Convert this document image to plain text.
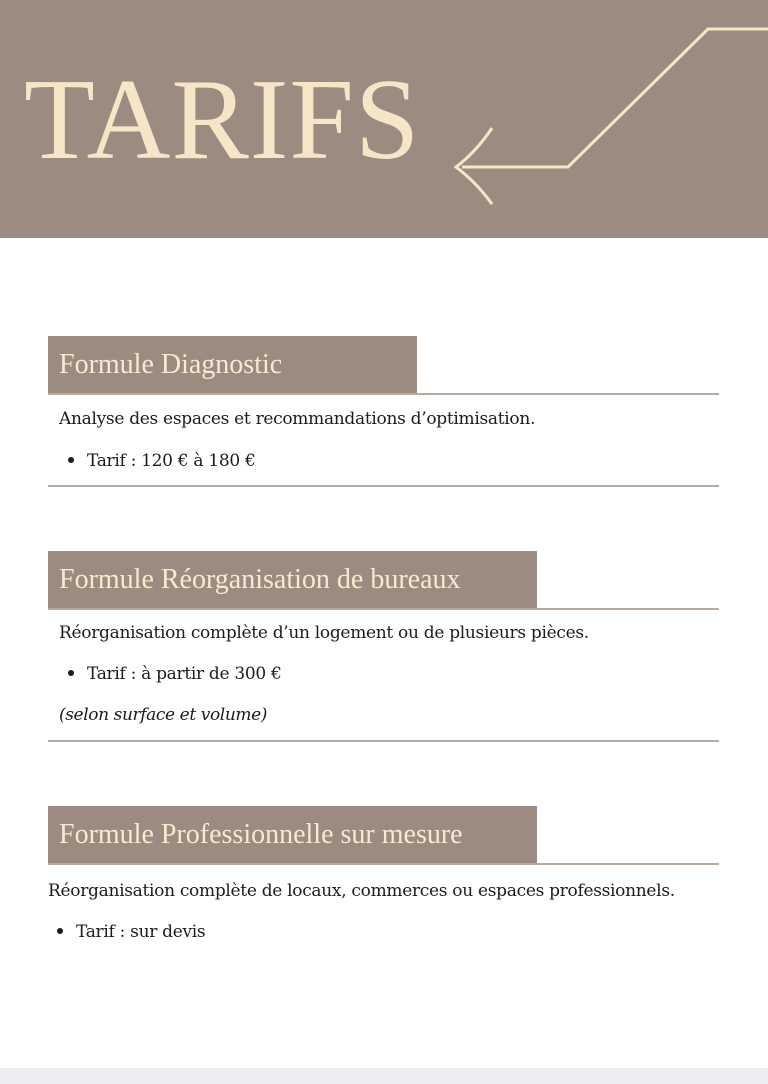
TARIFS
Formule Diagnostic

Analyse des espaces et recommandations d’optimisation.

Tarif : 120 € à 180 €

Formule Réorganisation de bureaux

Réorganisation complète d’un logement ou de plusieurs pièces.

Tarif : à partir de 300 €

(selon surface et volume)

Formule Professionnelle sur mesure

Réorganisation complète de locaux, commerces ou espaces professionnels.

Tarif : sur devis
